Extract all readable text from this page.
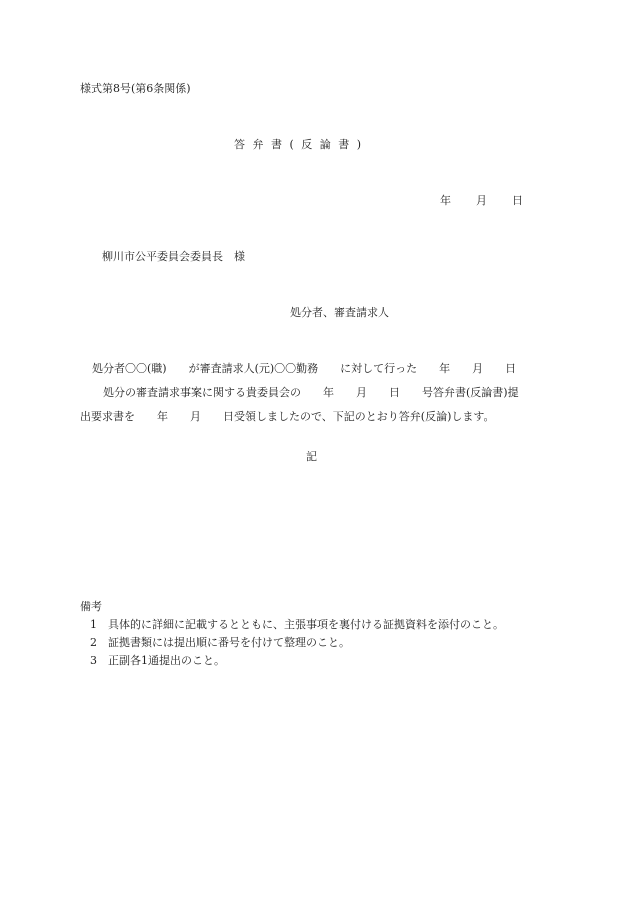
様式第8号(第6条関係)
答弁書(反論書)
年 月 日
柳川市公平委員会委員長　様
処分者、審査請求人
処分者〇〇(職)　　が審査請求人(元)〇〇勤務　　に対して行った　　年　　月　　日
処分の審査請求事案に関する貴委員会の　　年　　月　　日　　号答弁書(反論書)提
出要求書を　　年　　月　　日受領しましたので、下記のとおり答弁(反論)します。
記
備考
1 具体的に詳細に記載するとともに、主張事項を裏付ける証拠資料を添付のこと。
2 証拠書類には提出順に番号を付けて整理のこと。
3 正副各1通提出のこと。
